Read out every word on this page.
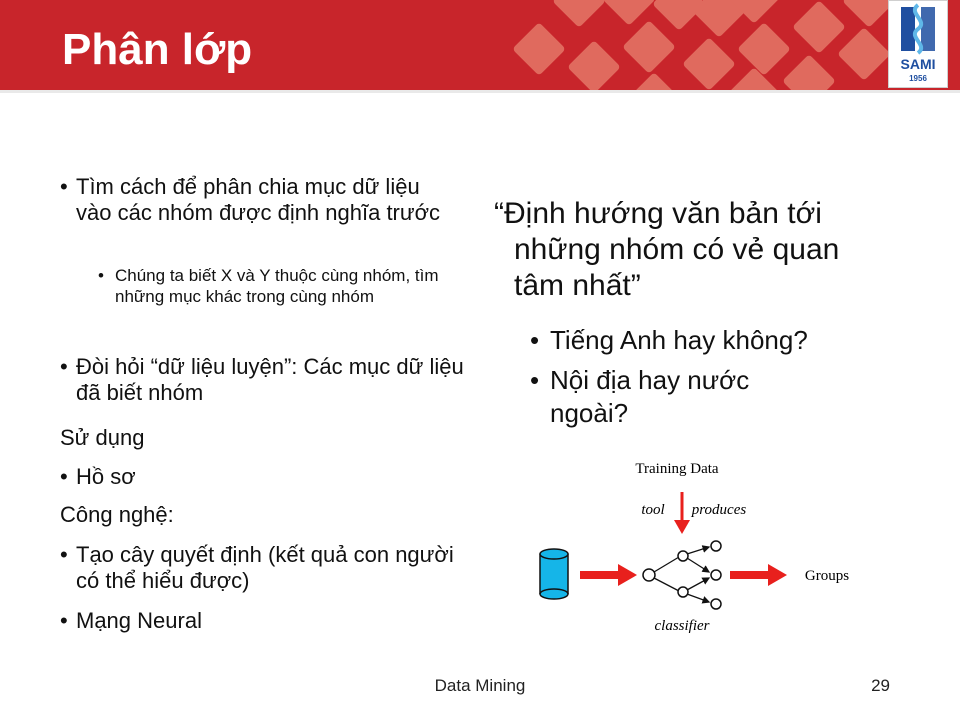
Phân lớp	SAMI
1956
• Tìm cách để phân chia mục dữ liệu vào các nhóm được định nghĩa trước

• Chúng ta biết X và Y thuộc cùng nhóm, tìm những mục khác trong cùng nhóm

• Đòi hỏi “dữ liệu luyện”: Các mục dữ liệu đã biết nhóm

Sử dụng

• Hồ sơ

Công nghệ:

• Tạo cây quyết định (kết quả con người có thể hiểu được)

• Mạng Neural

“Định hướng văn bản tới những nhóm có vẻ quan tâm nhất”

• Tiếng Anh hay không?

• Nội địa hay nước ngoài?

Training Data
tool produces
classifier
Groups
Data Mining	29
